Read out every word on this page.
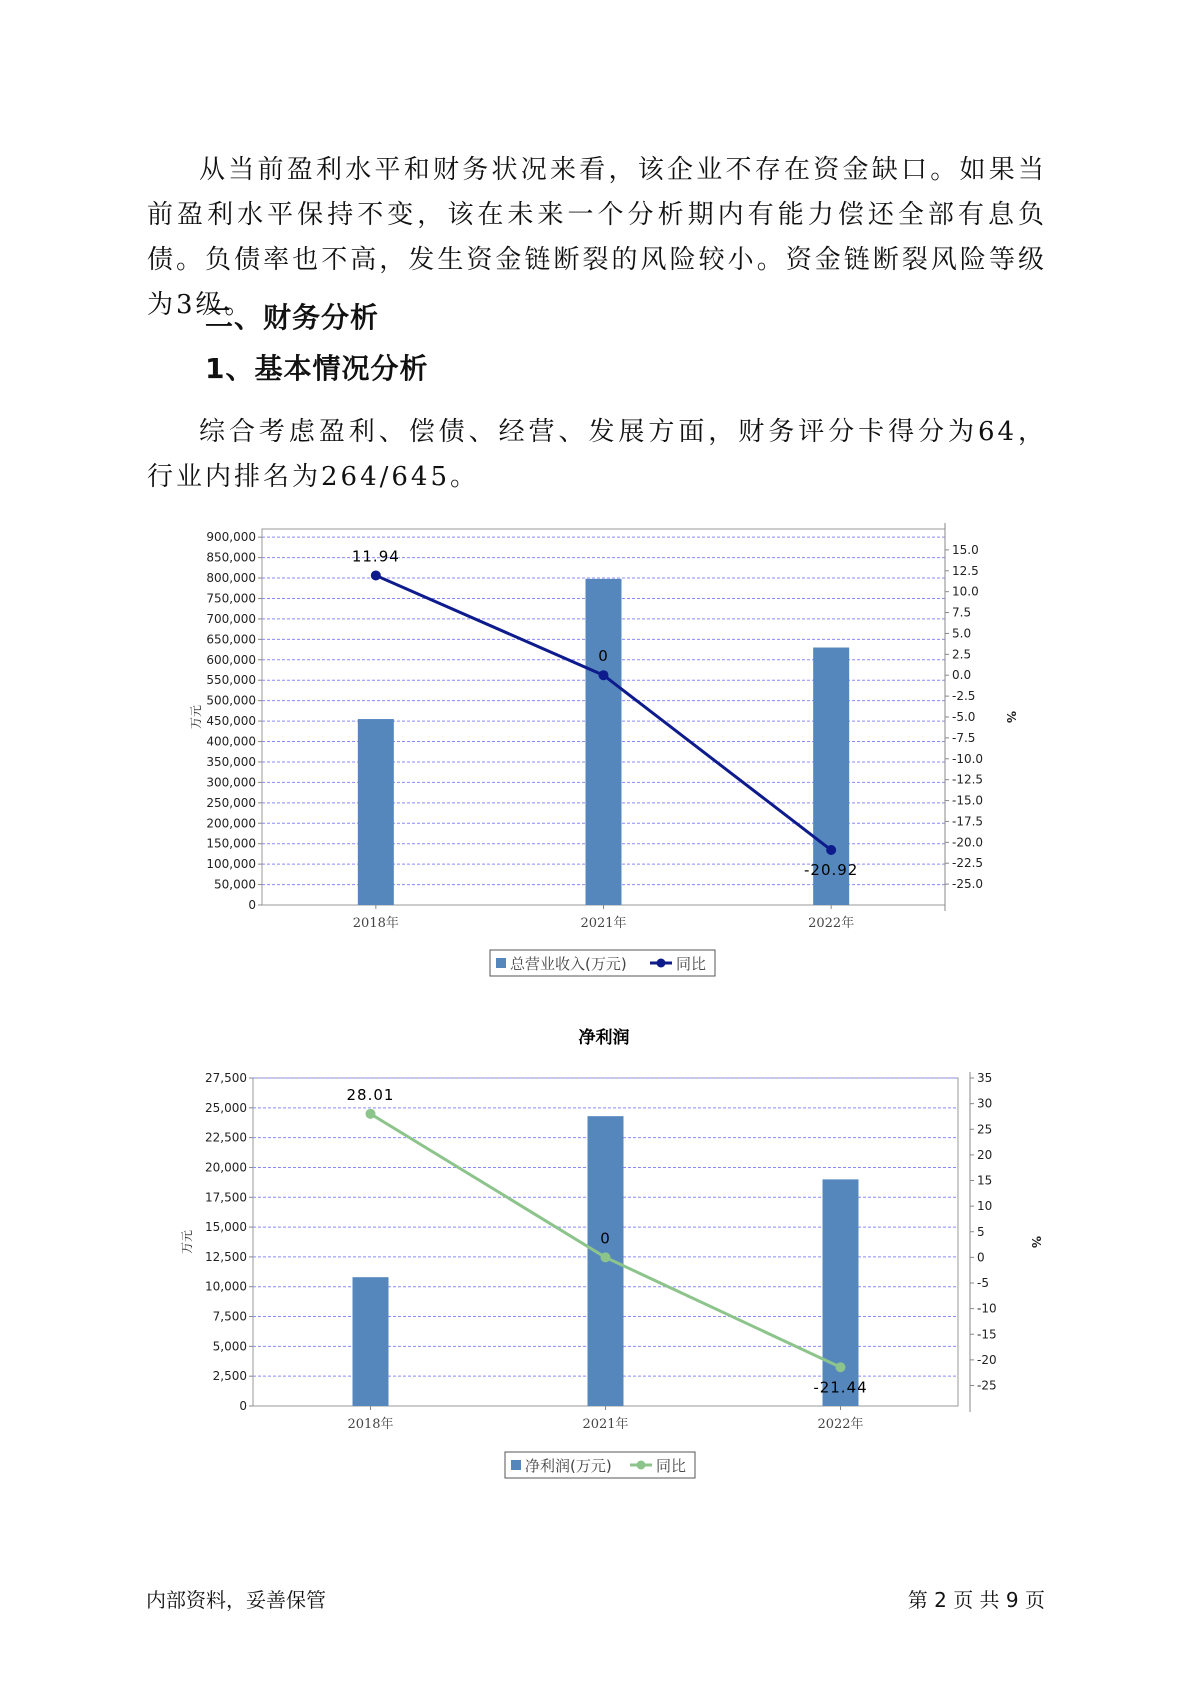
从当前盈利水平和财务状况来看，该企业不存在资金缺口。如果当前盈利水平保持不变，该在未来一个分析期内有能力偿还全部有息负债。负债率也不高，发生资金链断裂的风险较小。资金链断裂风险等级为3级。

二、财务分析
1、基本情况分析

综合考虑盈利、偿债、经营、发展方面，财务评分卡得分为64，行业内排名为264/645。

0
50,000
100,000
150,000
200,000
250,000
300,000
350,000
400,000
450,000
500,000
550,000
600,000
650,000
700,000
750,000
800,000
850,000
900,000
-25.0
-22.5
-20.0
-17.5
-15.0
-12.5
-10.0
-7.5
-5.0
-2.5
0.0
2.5
5.0
7.5
10.0
12.5
15.0
万元	%
2018年	2021年	2022年
11.94
0
-20.92
总营业收入(万元)	同比
净利润
0
2,500
5,000
7,500
10,000
12,500
15,000
17,500
20,000
22,500
25,000
27,500
-25
-20
-15
-10
-5
0
5
10
15
20
25
30
35
万元	%
2018年	2021年	2022年
28.01
0
-21.44
净利润(万元)	同比
内部资料，妥善保管	第 2 页 共 9 页
